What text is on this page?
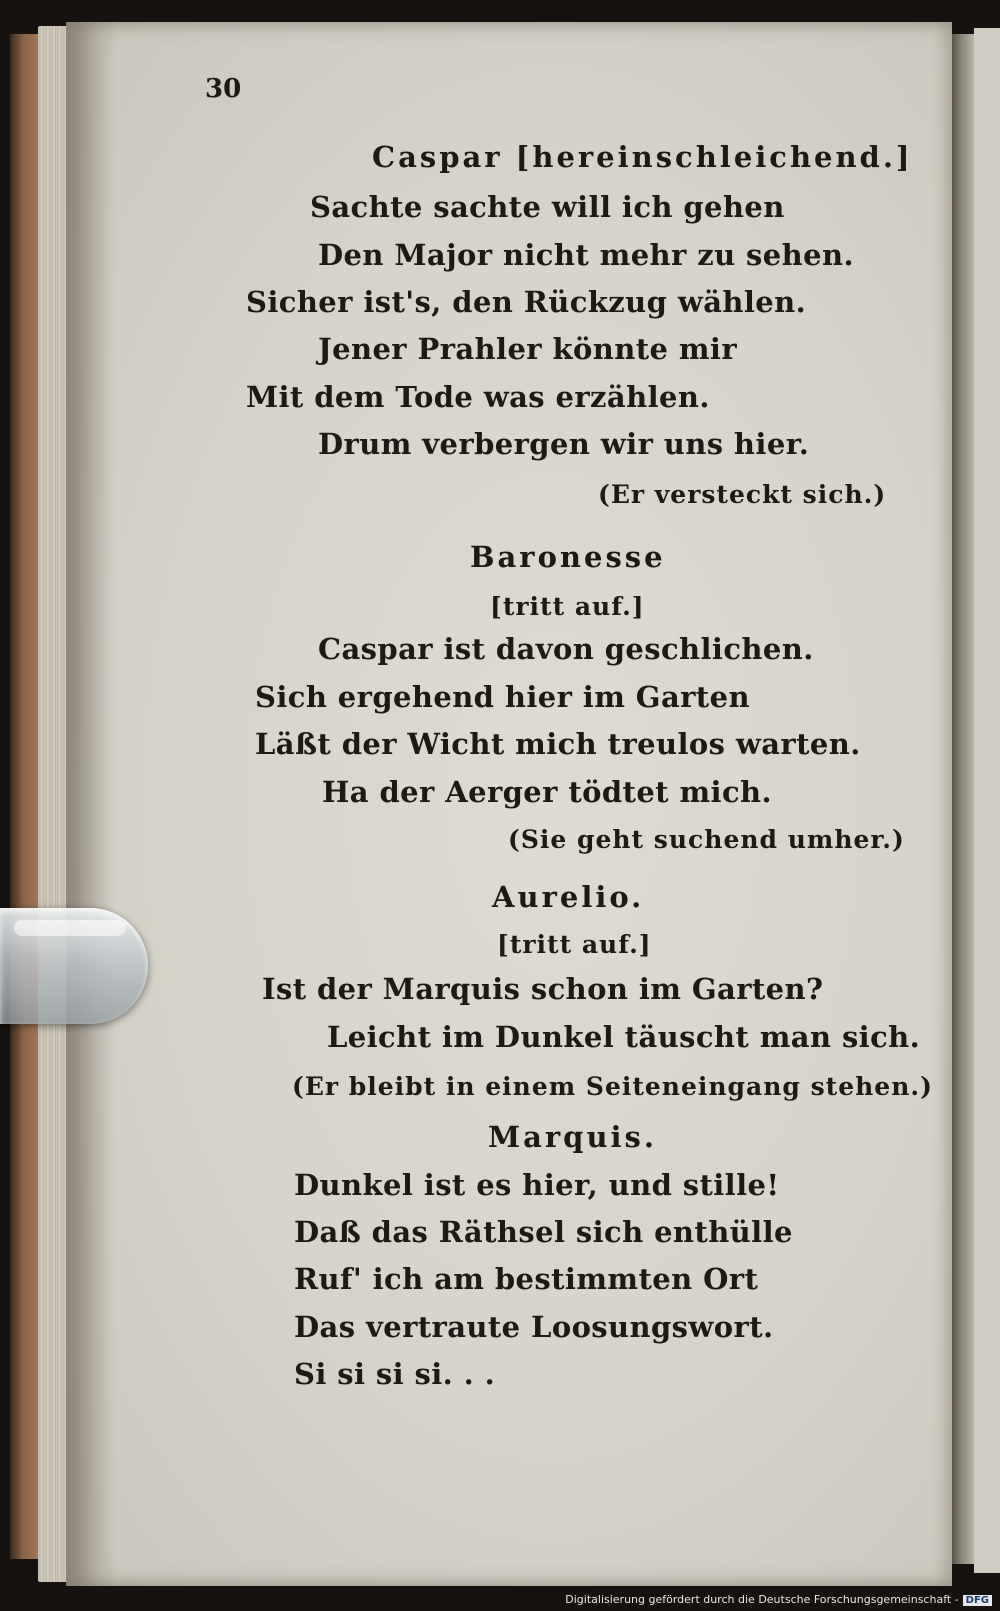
30
Caspar [hereinschleichend.]
Sachte sachte will ich gehen
Den Major nicht mehr zu sehen.
Sicher ist's, den Rückzug wählen.
Jener Prahler könnte mir
Mit dem Tode was erzählen.
Drum verbergen wir uns hier.
(Er versteckt sich.)
Baronesse
[tritt auf.]
Caspar ist davon geschlichen.
Sich ergehend hier im Garten
Läßt der Wicht mich treulos warten.
Ha der Aerger tödtet mich.
(Sie geht suchend umher.)
Aurelio.
[tritt auf.]
Ist der Marquis schon im Garten?
Leicht im Dunkel täuscht man sich.
(Er bleibt in einem Seiteneingang stehen.)
Marquis.
Dunkel ist es hier, und stille!
Daß das Räthsel sich enthülle
Ruf' ich am bestimmten Ort
Das vertraute Loosungswort.
Si si si si. . .
Digitalisierung gefördert durch die Deutsche Forschungsgemeinschaft - DFG
